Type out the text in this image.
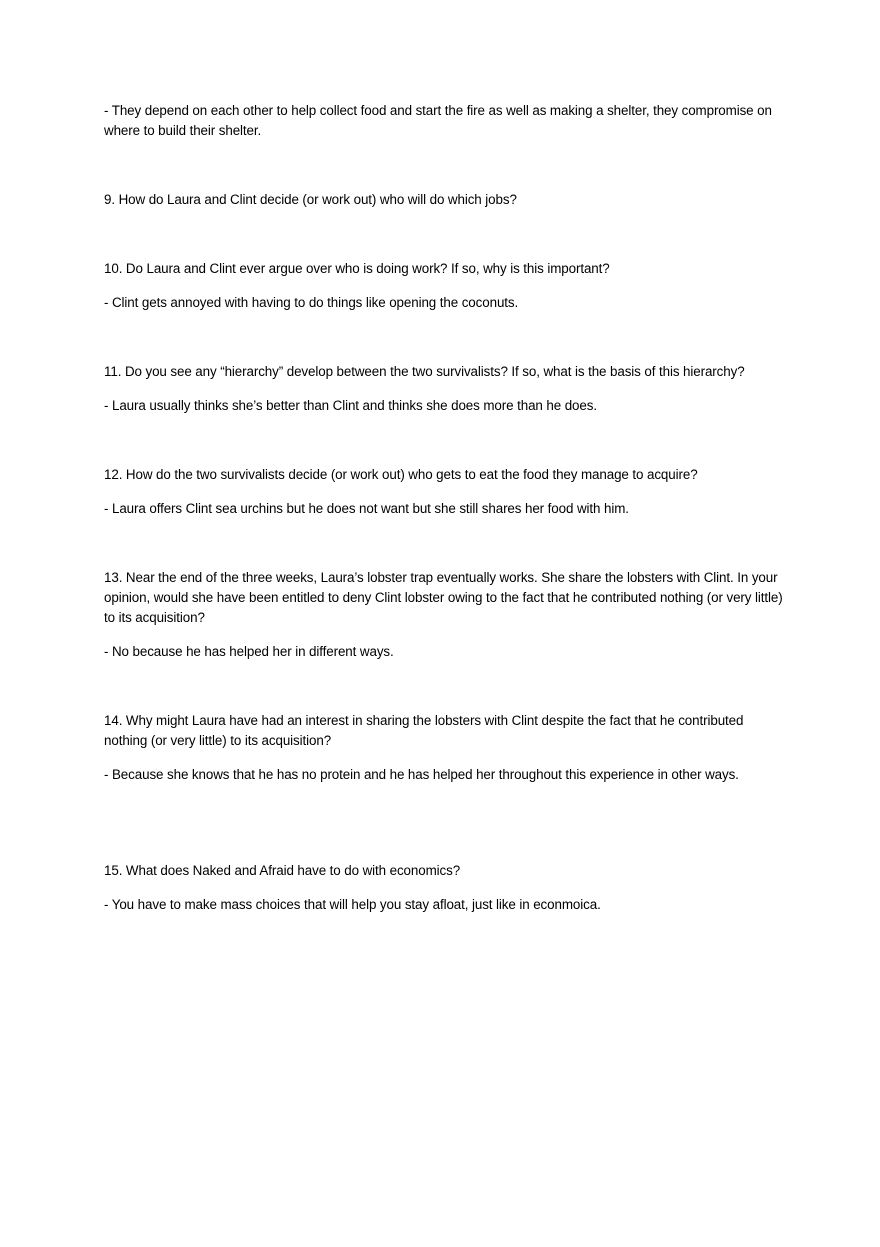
- They depend on each other to help collect food and start the fire as well as making a shelter, they compromise on where to build their shelter.

9. How do Laura and Clint decide (or work out) who will do which jobs?

10. Do Laura and Clint ever argue over who is doing work? If so, why is this important?

- Clint gets annoyed with having to do things like opening the coconuts.

11. Do you see any “hierarchy” develop between the two survivalists? If so, what is the basis of this hierarchy?

- Laura usually thinks she’s better than Clint and thinks she does more than he does.

12. How do the two survivalists decide (or work out) who gets to eat the food they manage to acquire?

- Laura offers Clint sea urchins but he does not want but she still shares her food with him.

13. Near the end of the three weeks, Laura’s lobster trap eventually works. She share the lobsters with Clint. In your opinion, would she have been entitled to deny Clint lobster owing to the fact that he contributed nothing (or very little) to its acquisition?

- No because he has helped her in different ways.

14. Why might Laura have had an interest in sharing the lobsters with Clint despite the fact that he contributed nothing (or very little) to its acquisition?

- Because she knows that he has no protein and he has helped her throughout this experience in other ways.

15. What does Naked and Afraid have to do with economics?

- You have to make mass choices that will help you stay afloat, just like in econmoica.
